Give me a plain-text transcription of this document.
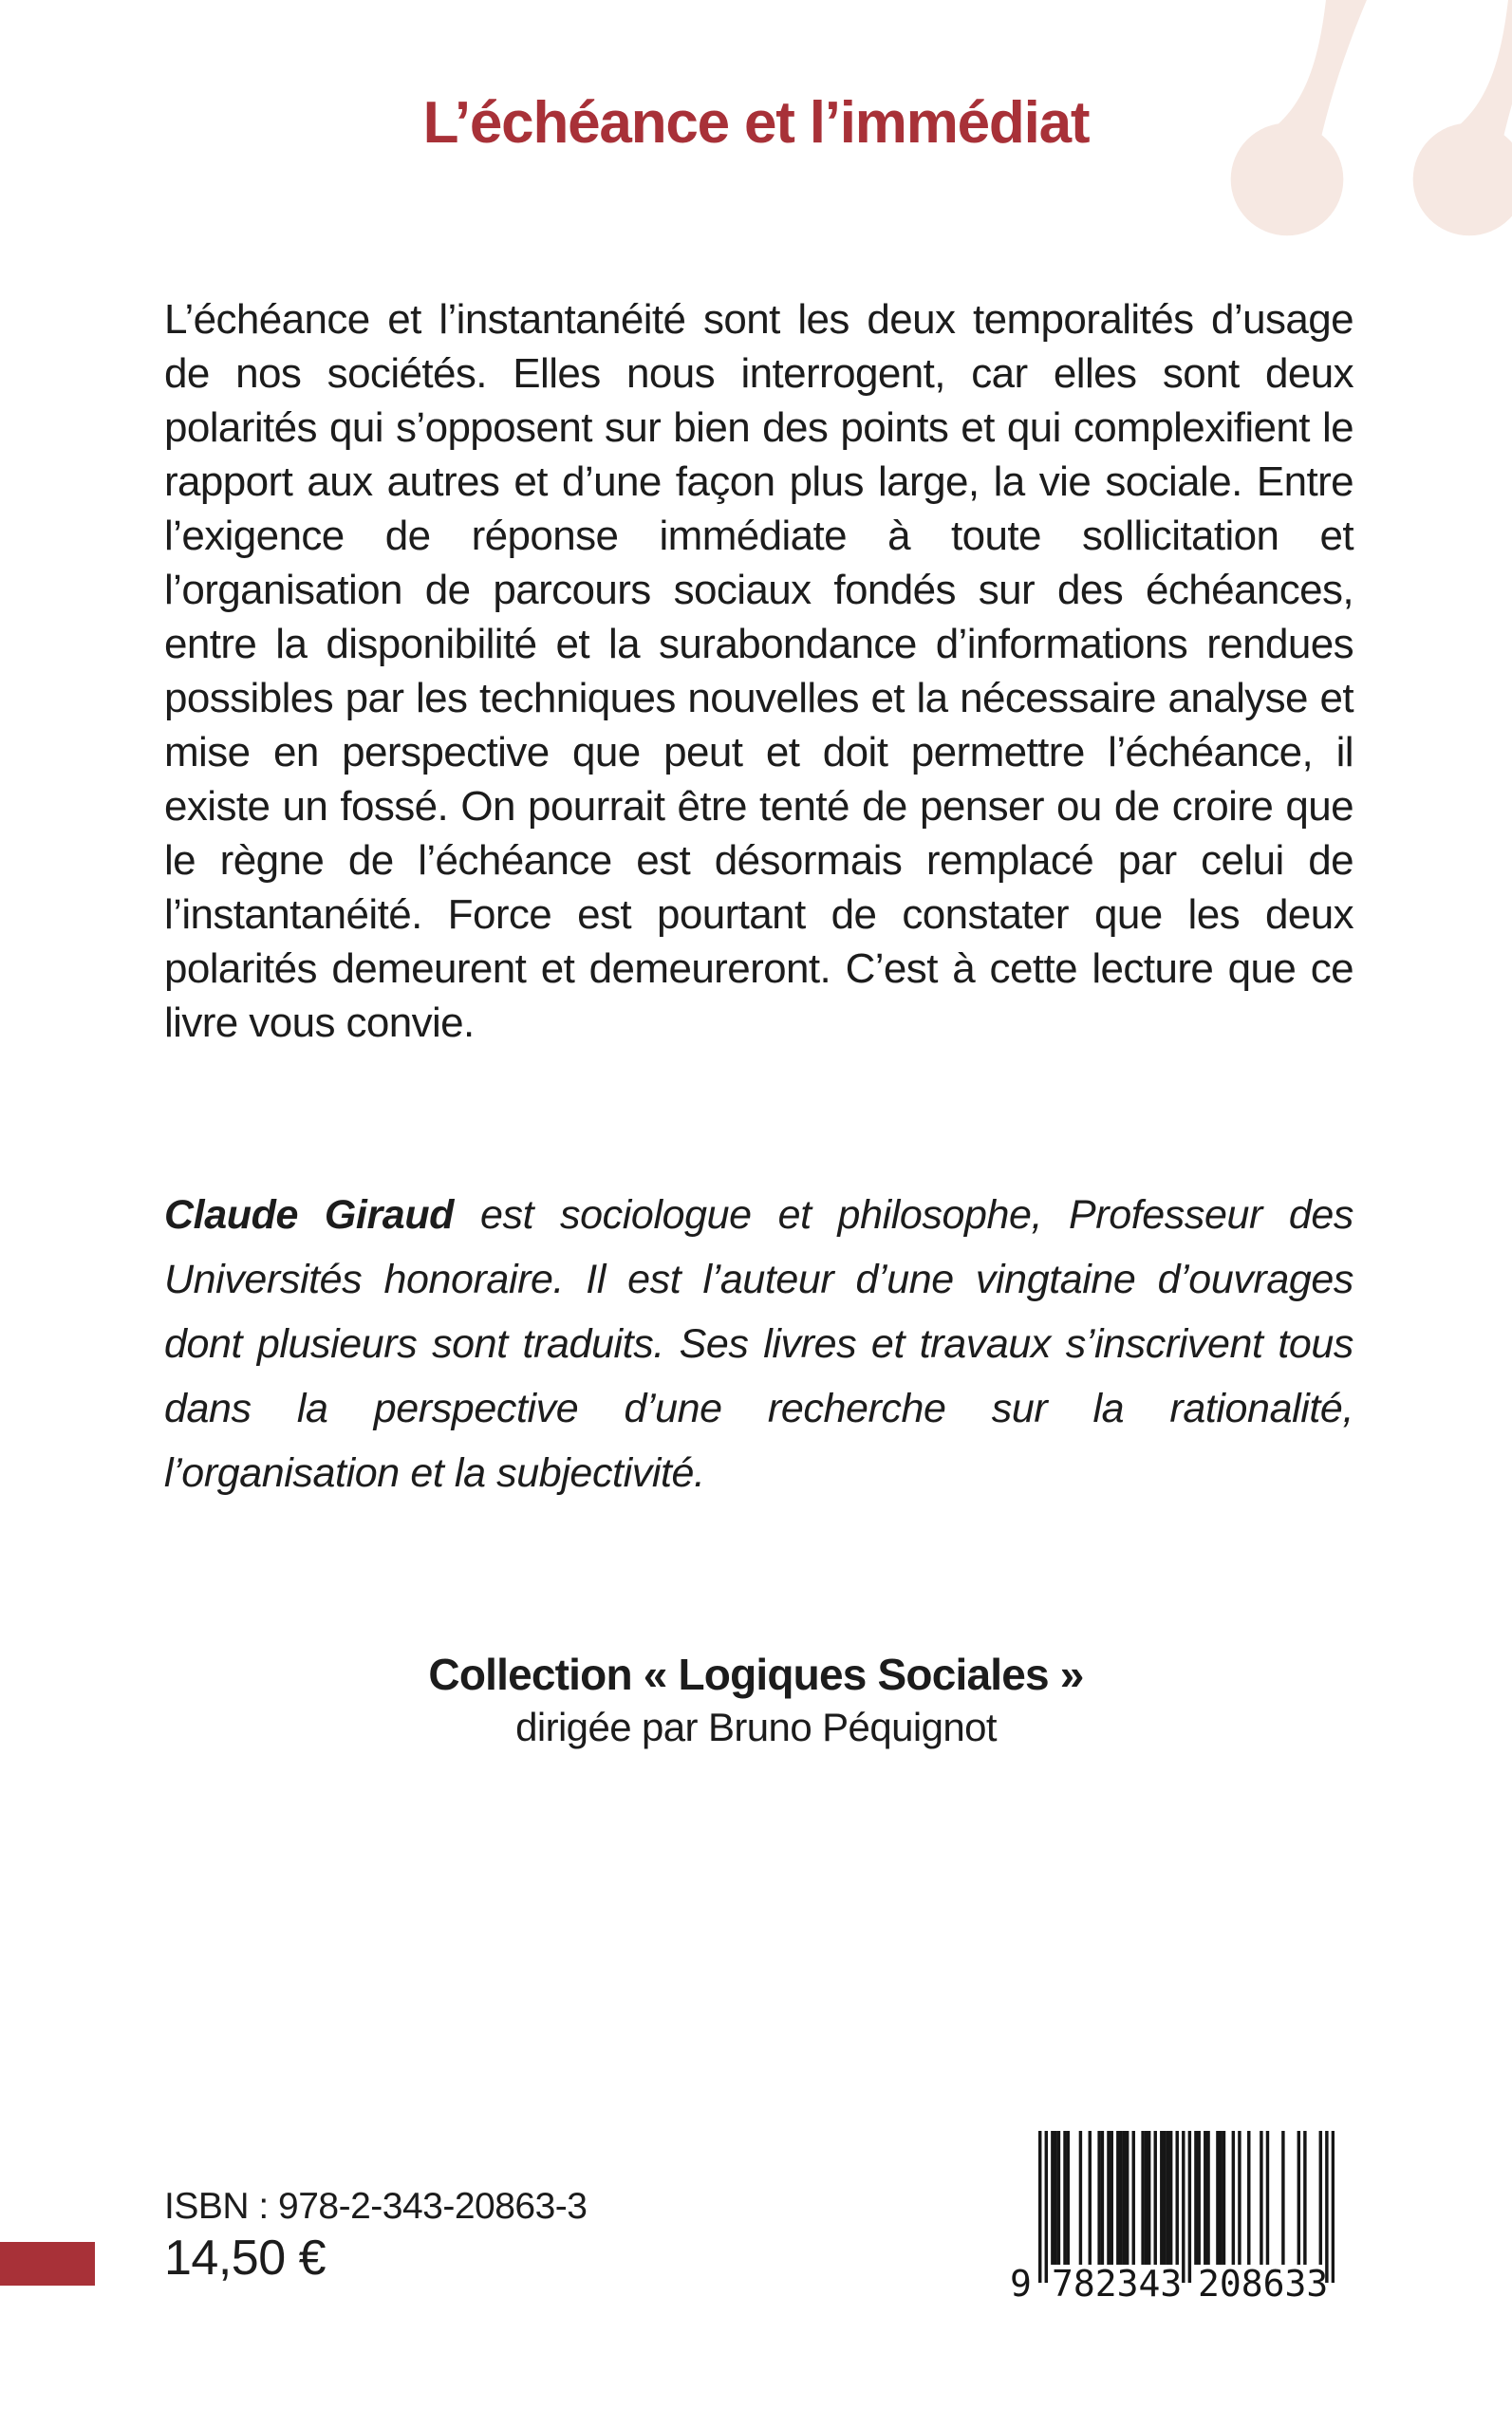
L’échéance et l’immédiat

L’échéance et l’instantanéité sont les deux temporalités d’usage de nos sociétés. Elles nous interrogent, car elles sont deux polarités qui s’opposent sur bien des points et qui complexifient le rapport aux autres et d’une façon plus large, la vie sociale. Entre l’exigence de réponse immédiate à toute sollicitation et l’organisation de parcours sociaux fondés sur des échéances, entre la disponibilité et la surabondance d’informations rendues possibles par les techniques nouvelles et la nécessaire analyse et mise en perspective que peut et doit permettre l’échéance, il existe un fossé. On pourrait être tenté de penser ou de croire que le règne de l’échéance est désormais remplacé par celui de l’instantanéité. Force est pourtant de constater que les deux polarités demeurent et demeureront. C’est à cette lecture que ce livre vous convie.

Claude Giraud est sociologue et philosophe, Professeur des Universités honoraire. Il est l’auteur d’une vingtaine d’ouvrages dont plusieurs sont traduits. Ses livres et travaux s’inscrivent tous dans la perspective d’une recherche sur la rationalité, l’organisation et la subjectivité.

Collection « Logiques Sociales »
dirigée par Bruno Péquignot
ISBN : 978-2-343-20863-3
14,50 €	9 782343 208633
